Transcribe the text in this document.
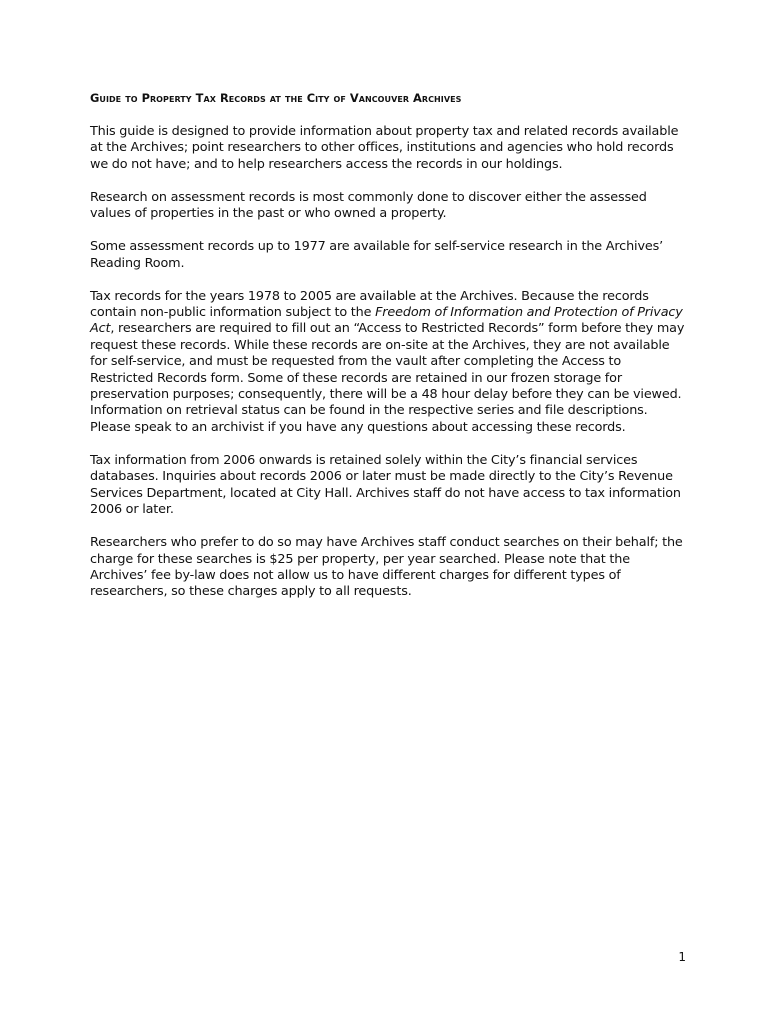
Guide to Property Tax Records at the City of Vancouver Archives

This guide is designed to provide information about property tax and related records available at the Archives; point researchers to other offices, institutions and agencies who hold records we do not have; and to help researchers access the records in our holdings.

Research on assessment records is most commonly done to discover either the assessed values of properties in the past or who owned a property.

Some assessment records up to 1977 are available for self-service research in the Archives’ Reading Room.

Tax records for the years 1978 to 2005 are available at the Archives. Because the records contain non-public information subject to the Freedom of Information and Protection of Privacy Act, researchers are required to fill out an “Access to Restricted Records” form before they may request these records. While these records are on-site at the Archives, they are not available for self-service, and must be requested from the vault after completing the Access to Restricted Records form. Some of these records are retained in our frozen storage for preservation purposes; consequently, there will be a 48 hour delay before they can be viewed. Information on retrieval status can be found in the respective series and file descriptions. Please speak to an archivist if you have any questions about accessing these records.

Tax information from 2006 onwards is retained solely within the City’s financial services databases. Inquiries about records 2006 or later must be made directly to the City’s Revenue Services Department, located at City Hall. Archives staff do not have access to tax information 2006 or later.

Researchers who prefer to do so may have Archives staff conduct searches on their behalf; the charge for these searches is $25 per property, per year searched. Please note that the Archives’ fee by-law does not allow us to have different charges for different types of researchers, so these charges apply to all requests.

1
